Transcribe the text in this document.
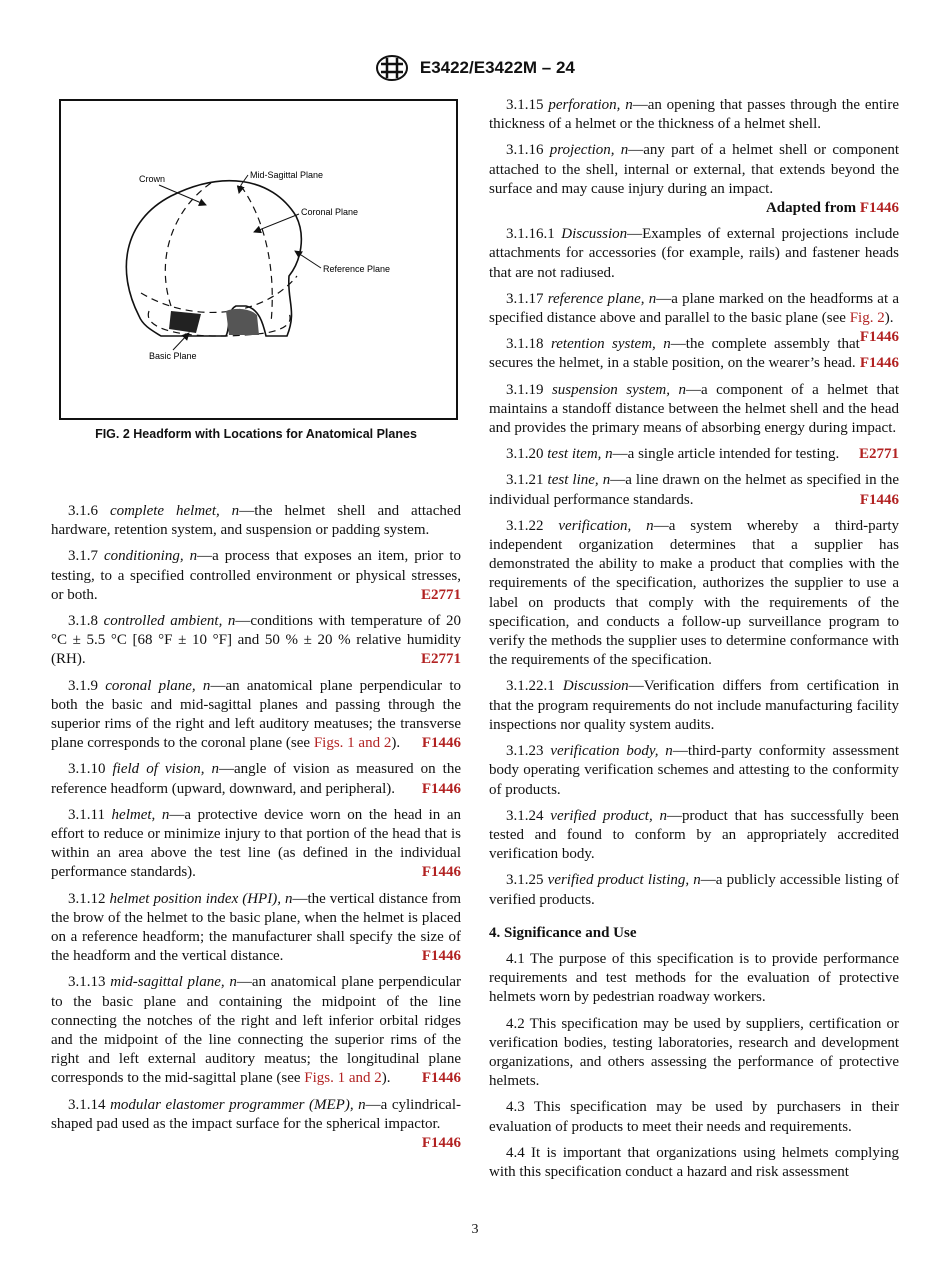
E3422/E3422M – 24
Crown	Mid-Sagittal Plane
Coronal Plane
Reference Plane
Basic Plane
FIG. 2 Headform with Locations for Anatomical Planes

3.1.6 complete helmet, n—the helmet shell and attached hardware, retention system, and suspension or padding system.

3.1.7 conditioning, n—a process that exposes an item, prior to testing, to a specified controlled environment or physical stresses, or both.	E2771

3.1.8 controlled ambient, n—conditions with temperature of 20 °C ± 5.5 °C [68 °F ± 10 °F] and 50 % ± 20 % relative humidity (RH).	E2771

3.1.9 coronal plane, n—an anatomical plane perpendicular to both the basic and mid-sagittal planes and passing through the superior rims of the right and left auditory meatuses; the transverse plane corresponds to the coronal plane (see Figs. 1 and 2). F1446

3.1.10 field of vision, n—angle of vision as measured on the reference headform (upward, downward, and peripheral). F1446

3.1.11 helmet, n—a protective device worn on the head in an effort to reduce or minimize injury to that portion of the head that is within an area above the test line (as defined in the individual performance standards).	F1446

3.1.12 helmet position index (HPI), n—the vertical distance from the brow of the helmet to the basic plane, when the helmet is placed on a reference headform; the manufacturer shall specify the size of the headform and the vertical distance.	F1446

3.1.13 mid-sagittal plane, n—an anatomical plane perpendicular to the basic plane and containing the midpoint of the line connecting the notches of the right and left inferior orbital ridges and the midpoint of the line connecting the superior rims of the right and left external auditory meatus; the longitudinal plane corresponds to the mid-sagittal plane (see Figs. 1 and 2). F1446

3.1.14 modular elastomer programmer (MEP), n—a cylindrical-shaped pad used as the impact surface for the spherical impactor.
F1446

3.1.15 perforation, n—an opening that passes through the entire thickness of a helmet or the thickness of a helmet shell.

3.1.16 projection, n—any part of a helmet shell or component attached to the shell, internal or external, that extends beyond the surface and may cause injury during an impact.

Adapted from F1446

3.1.16.1 Discussion—Examples of external projections include attachments for accessories (for example, rails) and fastener heads that are not radiused.

3.1.17 reference plane, n—a plane marked on the headforms at a specified distance above and parallel to the basic plane (see Fig. 2).
F1446

3.1.18 retention system, n—the complete assembly that secures the helmet, in a stable position, on the wearer’s head. F1446

3.1.19 suspension system, n—a component of a helmet that maintains a standoff distance between the helmet shell and the head and provides the primary means of absorbing energy during impact.

3.1.20 test item, n—a single article intended for testing. E2771

3.1.21 test line, n—a line drawn on the helmet as specified in the individual performance standards.	F1446

3.1.22 verification, n—a system whereby a third-party independent organization determines that a supplier has demonstrated the ability to make a product that complies with the requirements of the specification, authorizes the supplier to use a label on products that comply with the requirements of the specification, and conducts a follow-up surveillance program to verify the methods the supplier uses to determine conformance with the requirements of the specification.

3.1.22.1 Discussion—Verification differs from certification in that the program requirements do not include manufacturing facility inspections nor quality system audits.

3.1.23 verification body, n—third-party conformity assessment body operating verification schemes and attesting to the conformity of products.

3.1.24 verified product, n—product that has successfully been tested and found to conform by an appropriately accredited verification body.

3.1.25 verified product listing, n—a publicly accessible listing of verified products.

4. Significance and Use

4.1 The purpose of this specification is to provide performance requirements and test methods for the evaluation of protective helmets worn by pedestrian roadway workers.

4.2 This specification may be used by suppliers, certification or verification bodies, testing laboratories, research and development organizations, and others assessing the performance of protective helmets.

4.3 This specification may be used by purchasers in their evaluation of products to meet their needs and requirements.

4.4 It is important that organizations using helmets complying with this specification conduct a hazard and risk assessment

3
